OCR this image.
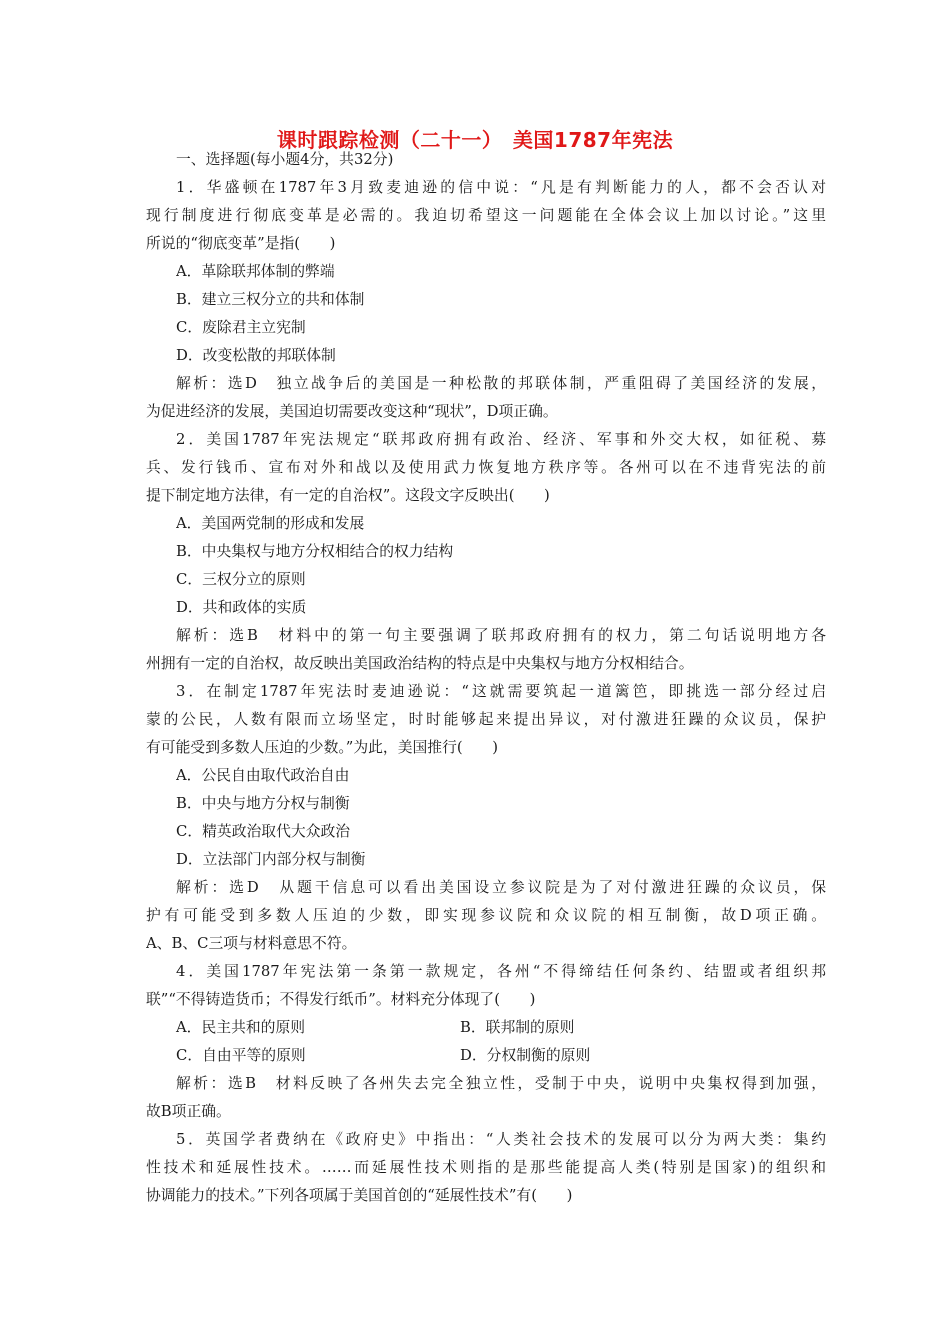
课时跟踪检测（二十一）　美国1787年宪法
一、选择题(每小题4分，共32分)
1．华盛顿在1787年3月致麦迪逊的信中说：“凡是有判断能力的人，都不会否认对
现行制度进行彻底变革是必需的。我迫切希望这一问题能在全体会议上加以讨论。”这里
所说的“彻底变革”是指(　　)
A．革除联邦体制的弊端
B．建立三权分立的共和体制
C．废除君主立宪制
D．改变松散的邦联体制
解析：选D　独立战争后的美国是一种松散的邦联体制，严重阻碍了美国经济的发展，
为促进经济的发展，美国迫切需要改变这种“现状”，D项正确。
2．美国1787年宪法规定“联邦政府拥有政治、经济、军事和外交大权，如征税、募
兵、发行钱币、宣布对外和战以及使用武力恢复地方秩序等。各州可以在不违背宪法的前
提下制定地方法律，有一定的自治权”。这段文字反映出(　　)
A．美国两党制的形成和发展
B．中央集权与地方分权相结合的权力结构
C．三权分立的原则
D．共和政体的实质
解析：选B　材料中的第一句主要强调了联邦政府拥有的权力，第二句话说明地方各
州拥有一定的自治权，故反映出美国政治结构的特点是中央集权与地方分权相结合。
3．在制定1787年宪法时麦迪逊说：“这就需要筑起一道篱笆，即挑选一部分经过启
蒙的公民，人数有限而立场坚定，时时能够起来提出异议，对付激进狂躁的众议员，保护
有可能受到多数人压迫的少数。”为此，美国推行(　　)
A．公民自由取代政治自由
B．中央与地方分权与制衡
C．精英政治取代大众政治
D．立法部门内部分权与制衡
解析：选D　从题干信息可以看出美国设立参议院是为了对付激进狂躁的众议员，保
护有可能受到多数人压迫的少数，即实现参议院和众议院的相互制衡，故D项正确。
A、B、C三项与材料意思不符。
4．美国1787年宪法第一条第一款规定，各州“不得缔结任何条约、结盟或者组织邦
联”“不得铸造货币；不得发行纸币”。材料充分体现了(　　)
A．民主共和的原则	B．联邦制的原则
C．自由平等的原则	D．分权制衡的原则
解析：选B　材料反映了各州失去完全独立性，受制于中央，说明中央集权得到加强，
故B项正确。
5．英国学者费纳在《政府史》中指出：“人类社会技术的发展可以分为两大类：集约
性技术和延展性技术。……而延展性技术则指的是那些能提高人类(特别是国家)的组织和
协调能力的技术。”下列各项属于美国首创的“延展性技术”有(　　)
